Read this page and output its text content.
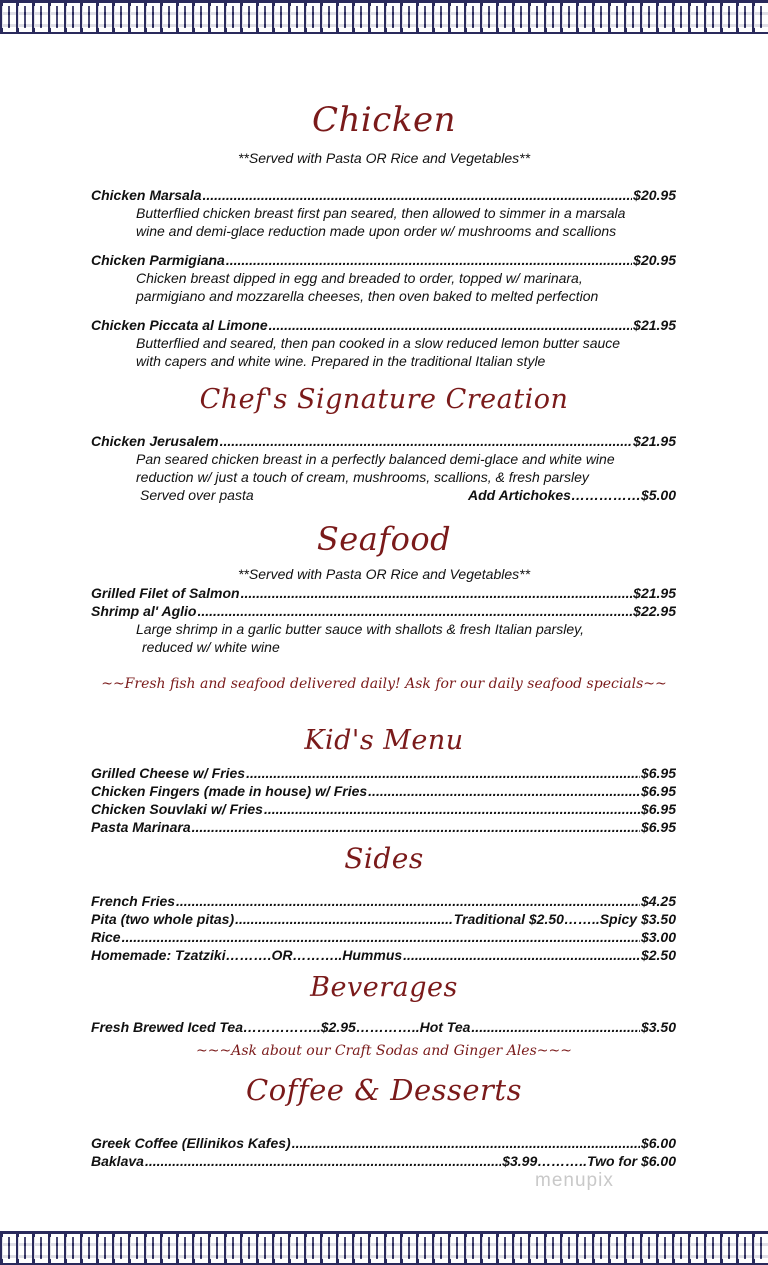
Chicken
**Served with Pasta OR Rice and Vegetables**
Chicken Marsala .....	$20.95
Butterflied chicken breast first pan seared, then allowed to simmer in a marsala
wine and demi-glace reduction made upon order w/ mushrooms and scallions
Chicken Parmigiana .....	$20.95
Chicken breast dipped in egg and breaded to order, topped w/ marinara,
parmigiano and mozzarella cheeses, then oven baked to melted perfection
Chicken Piccata al Limone .....	$21.95
Butterflied and seared, then pan cooked in a slow reduced lemon butter sauce
with capers and white wine. Prepared in the traditional Italian style
Chef's Signature Creation
Chicken Jerusalem .....	$21.95
Pan seared chicken breast in a perfectly balanced demi-glace and white wine
reduction w/ just a touch of cream, mushrooms, scallions, & fresh parsley
Served over pasta	Add Artichokes …………… $5.00
Seafood
**Served with Pasta OR Rice and Vegetables**
Grilled Filet of Salmon .....	$21.95
Shrimp al' Aglio .....	$22.95
Large shrimp in a garlic butter sauce with shallots & fresh Italian parsley,
reduced w/ white wine
~~Fresh fish and seafood delivered daily! Ask for our daily seafood specials~~
Kid's Menu
Grilled Cheese w/ Fries .....	$6.95
Chicken Fingers (made in house) w/ Fries .....	$6.95
Chicken Souvlaki w/ Fries .....	$6.95
Pasta Marinara .....	$6.95
Sides
French Fries .....	$4.25
Pita (two whole pitas) .....	Traditional $2.50 …….. Spicy $3.50
Rice .....	$3.00
Homemade: Tzatziki ………. OR ……….. Hummus .....	$2.50
Beverages
Fresh Brewed Iced Tea …………….. $2.95 ………….. Hot Tea .....	$3.50
~~~Ask about our Craft Sodas and Ginger Ales~~~
Coffee & Desserts
Greek Coffee (Ellinikos Kafes) .....	$6.00
Baklava .....	$3.99 ……….. Two for $6.00
menupix
